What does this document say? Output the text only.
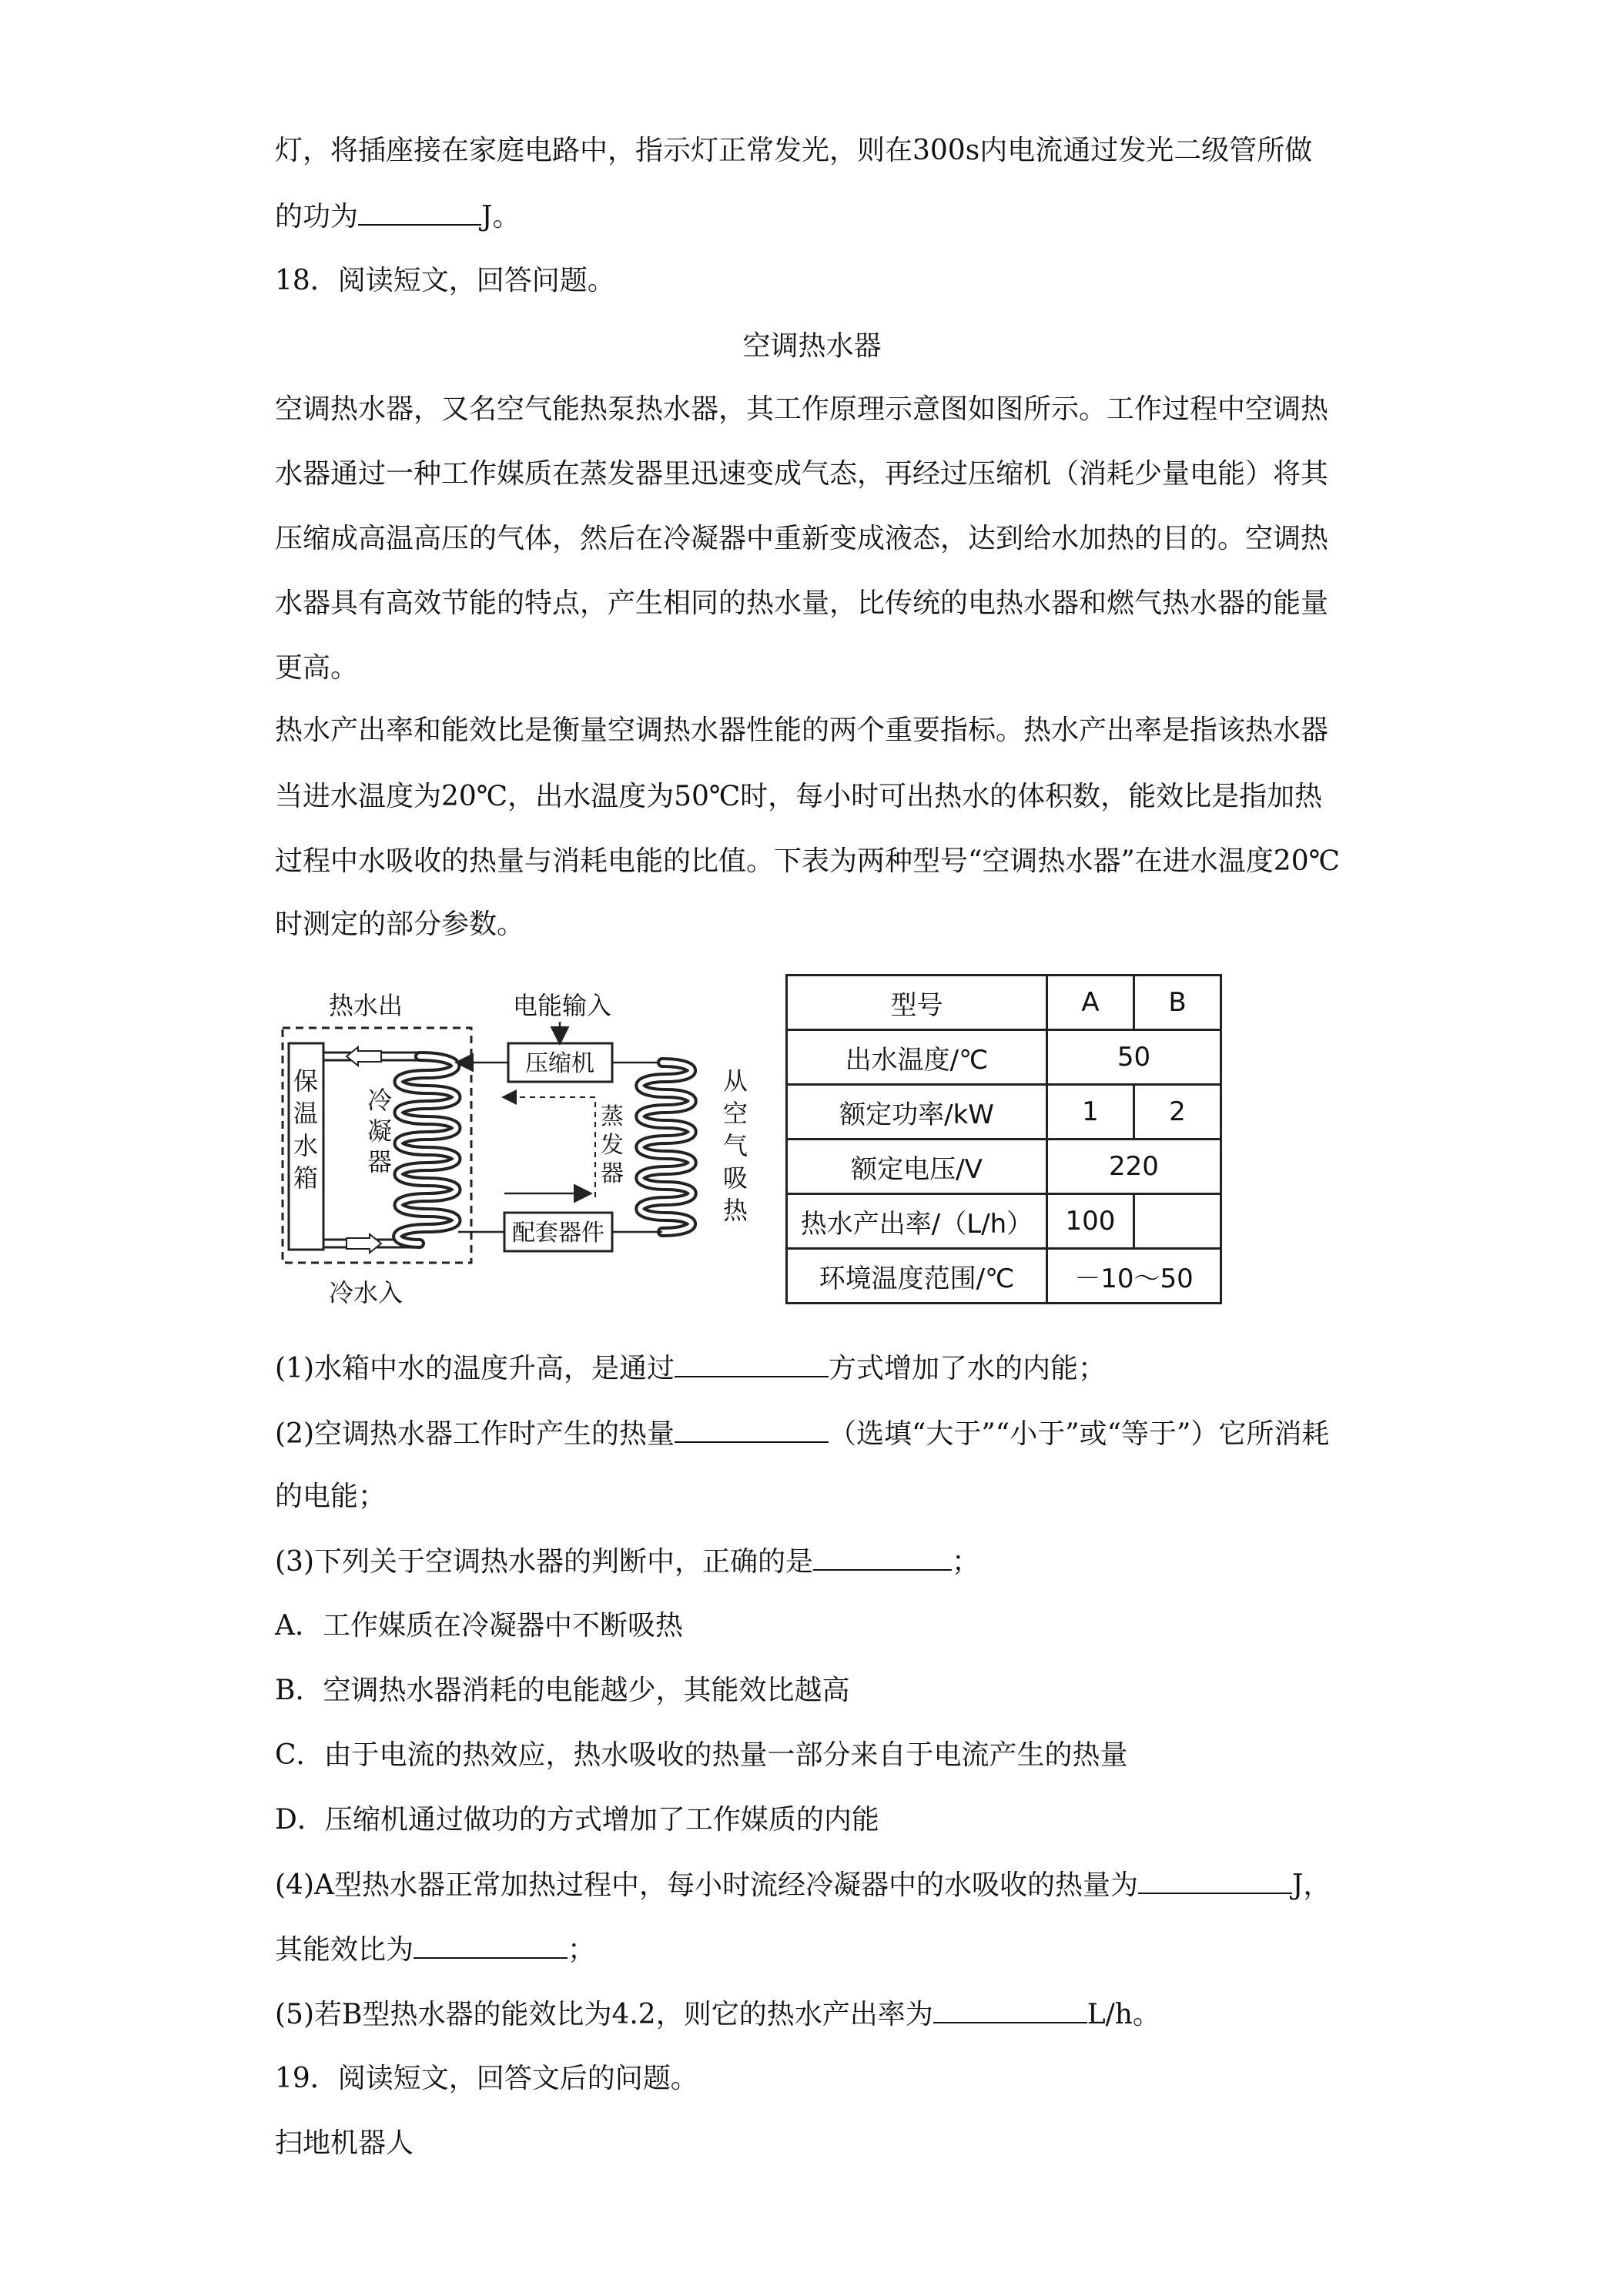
灯，将插座接在家庭电路中，指示灯正常发光，则在300s内电流通过发光二级管所做
的功为	J。
18．阅读短文，回答问题。
空调热水器
空调热水器，又名空气能热泵热水器，其工作原理示意图如图所示。工作过程中空调热
水器通过一种工作媒质在蒸发器里迅速变成气态，再经过压缩机（消耗少量电能）将其
压缩成高温高压的气体，然后在冷凝器中重新变成液态，达到给水加热的目的。空调热
水器具有高效节能的特点，产生相同的热水量，比传统的电热水器和燃气热水器的能量
更高。
热水产出率和能效比是衡量空调热水器性能的两个重要指标。热水产出率是指该热水器
当进水温度为20℃，出水温度为50℃时，每小时可出热水的体积数，能效比是指加热
过程中水吸收的热量与消耗电能的比值。下表为两种型号“空调热水器”在进水温度20℃
时测定的部分参数。
保
温
水
箱
热水出
冷水入
电能输入
冷
凝
器
压缩机
蒸
发
器
配套器件
从
空
气
吸
热
型号	A	B
出水温度/℃	50	
额定功率/kW	1	2
额定电压/V	220	
热水产出率/（L/h）	100	
环境温度范围/℃	－10～50	
(1)水箱中水的温度升高，是通过	方式增加了水的内能；
(2)空调热水器工作时产生的热量	（选填“大于”“小于”或“等于”）它所消耗
的电能；
(3)下列关于空调热水器的判断中，正确的是	；
A．工作媒质在冷凝器中不断吸热
B．空调热水器消耗的电能越少，其能效比越高
C．由于电流的热效应，热水吸收的热量一部分来自于电流产生的热量
D．压缩机通过做功的方式增加了工作媒质的内能
(4)A型热水器正常加热过程中，每小时流经冷凝器中的水吸收的热量为	J，
其能效比为	；
(5)若B型热水器的能效比为4.2，则它的热水产出率为	L/h。
19．阅读短文，回答文后的问题。
扫地机器人
